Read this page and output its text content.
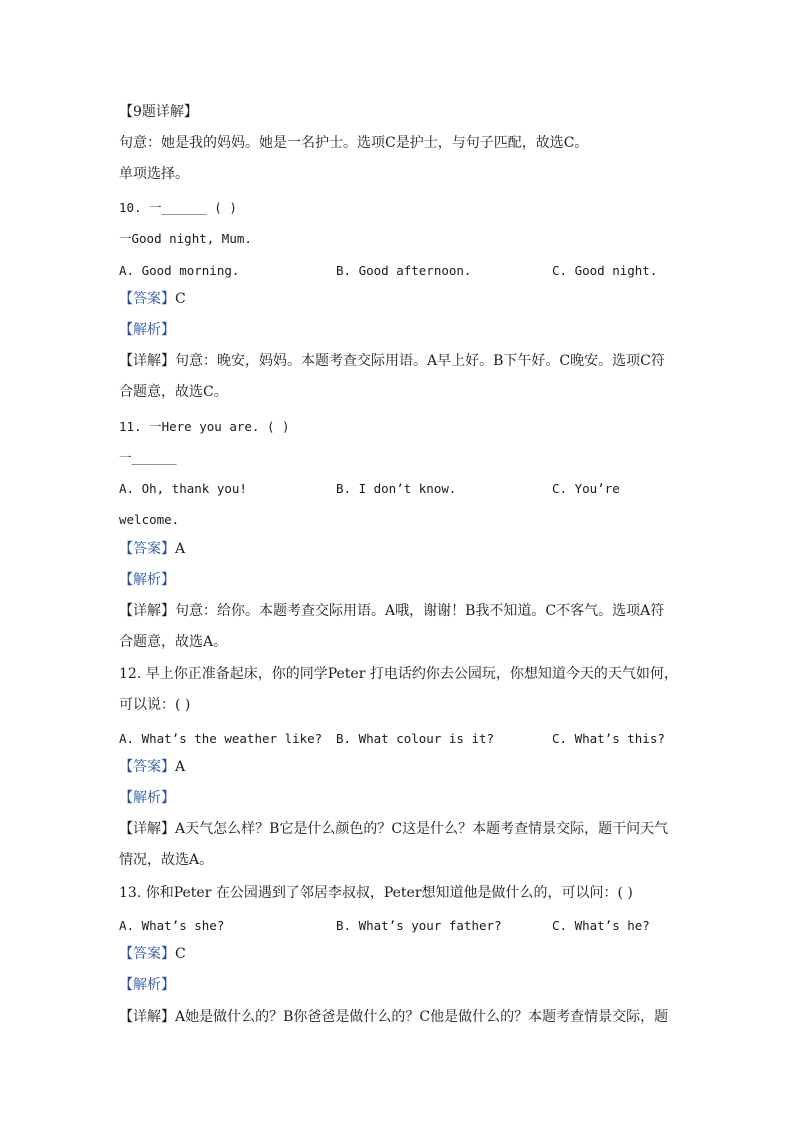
【9题详解】
句意：她是我的妈妈。她是一名护士。选项C是护士，与句子匹配，故选C。
单项选择。
10. 一______ ( )
一Good night, Mum.
A. Good morning.	B. Good afternoon.	C. Good night.
【答案】C
【解析】
【详解】句意：晚安，妈妈。本题考查交际用语。A早上好。B下午好。C晚安。选项C符
合题意，故选C。
11. 一Here you are. ( )
一______
A. Oh, thank you!	B. I don’t know.	C. You’re
welcome.
【答案】A
【解析】
【详解】句意：给你。本题考查交际用语。A哦，谢谢！B我不知道。C不客气。选项A符
合题意，故选A。
12. 早上你正准备起床，你的同学Peter 打电话约你去公园玩，你想知道今天的天气如何，
可以说：( )
A. What’s the weather like? B. What colour is it?	C. What’s this?
【答案】A
【解析】
【详解】A天气怎么样？B它是什么颜色的？C这是什么？本题考查情景交际，题干问天气
情况，故选A。
13. 你和Peter 在公园遇到了邻居李叔叔，Peter想知道他是做什么的，可以问：( )
A. What’s she?	B. What’s your father?	C. What’s he?
【答案】C
【解析】
【详解】A她是做什么的？B你爸爸是做什么的？C他是做什么的？本题考查情景交际，题
